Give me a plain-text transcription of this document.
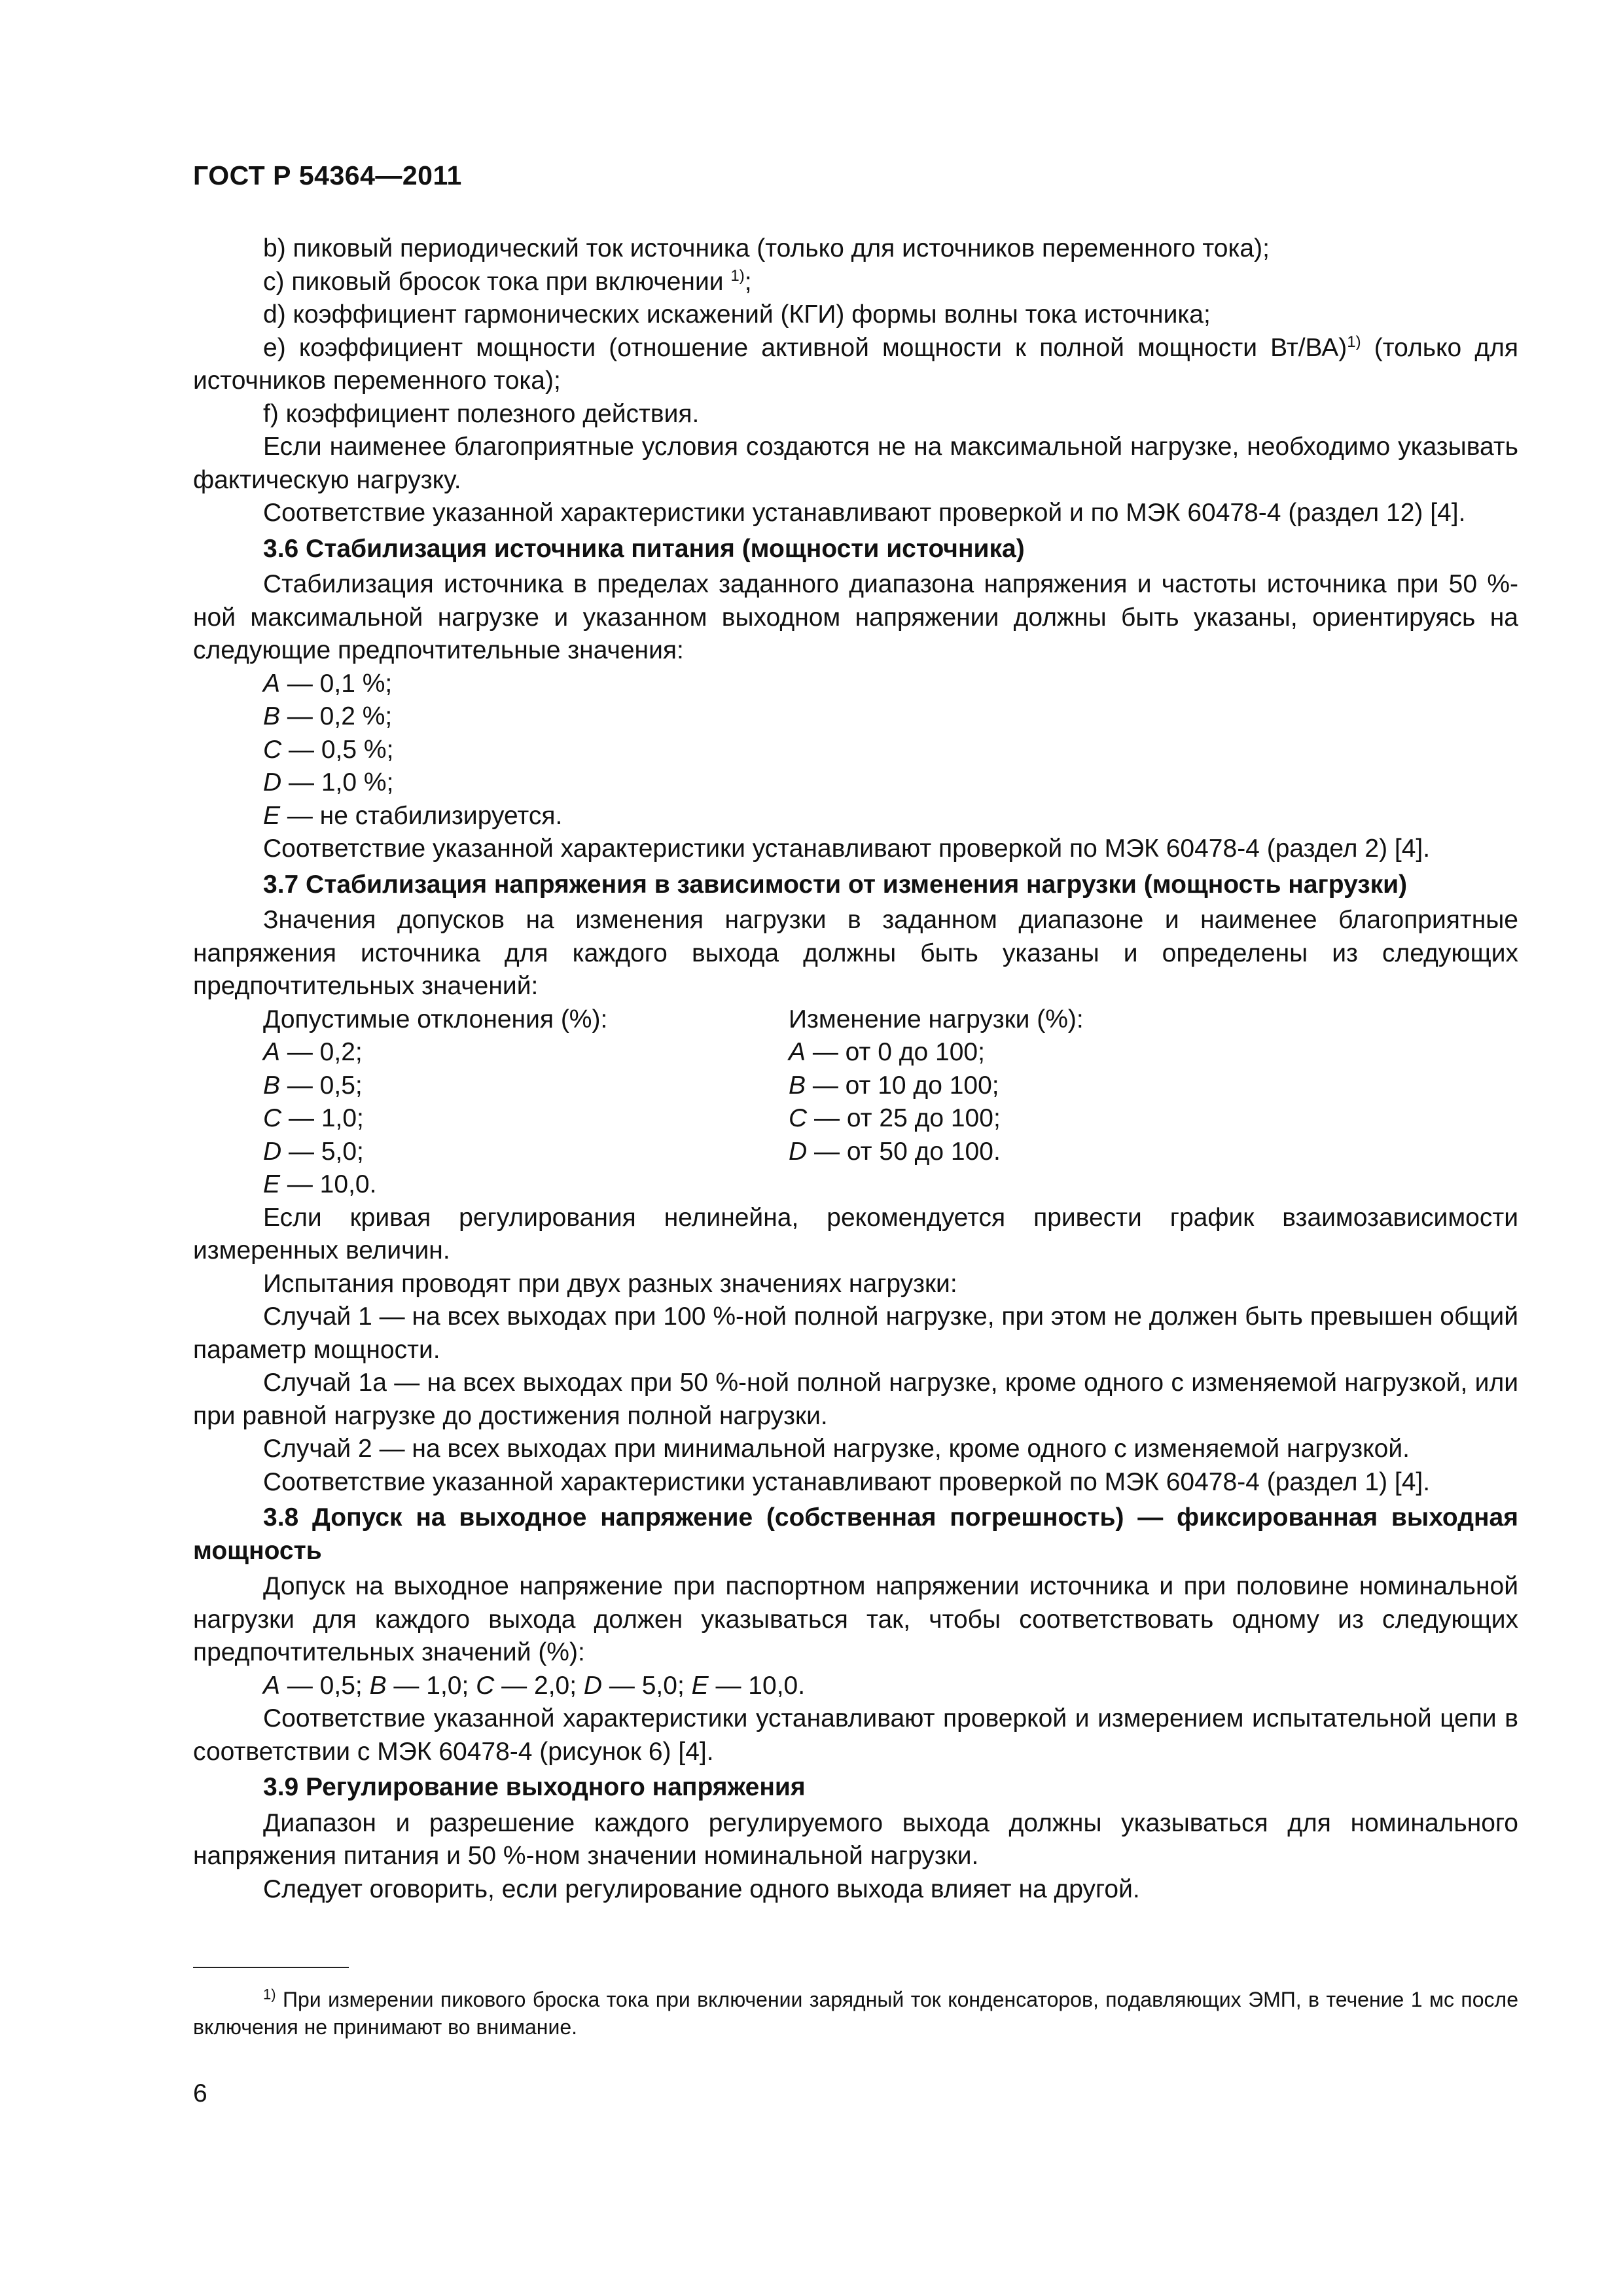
ГОСТ Р 54364—2011

b) пиковый периодический ток источника (только для источников переменного тока);

c) пиковый бросок тока при включении $^{1)}$;

d) коэффициент гармонических искажений (КГИ) формы волны тока источника;

e) коэффициент мощности (отношение активной мощности к полной мощности Вт/ВА)$^{1)}$ (только для источников переменного тока);

f) коэффициент полезного действия.

Если наименее благоприятные условия создаются не на максимальной нагрузке, необходимо указывать фактическую нагрузку.

Соответствие указанной характеристики устанавливают проверкой и по МЭК 60478-4 (раздел 12) [4].

3.6 Стабилизация источника питания (мощности источника)

Стабилизация источника в пределах заданного диапазона напряжения и частоты источника при 50 %-ной максимальной нагрузке и указанном выходном напряжении должны быть указаны, ориентируясь на следующие предпочтительные значения:

A — 0,1 %;

B — 0,2 %;

C — 0,5 %;

D — 1,0 %;

E — не стабилизируется.

Соответствие указанной характеристики устанавливают проверкой по МЭК 60478-4 (раздел 2) [4].

3.7 Стабилизация напряжения в зависимости от изменения нагрузки (мощность нагрузки)

Значения допусков на изменения нагрузки в заданном диапазоне и наименее благоприятные напряжения источника для каждого выхода должны быть указаны и определены из следующих предпочтительных значений:

Допустимые отклонения (%):
A — 0,2;
B — 0,5;
C — 1,0;
D — 5,0;
E — 10,0.
Изменение нагрузки (%):
A — от 0 до 100;
B — от 10 до 100;
C — от 25 до 100;
D — от 50 до 100.

Если кривая регулирования нелинейна, рекомендуется привести график взаимозависимости измеренных величин.

Испытания проводят при двух разных значениях нагрузки:

Случай 1 — на всех выходах при 100 %-ной полной нагрузке, при этом не должен быть превышен общий параметр мощности.

Случай 1а — на всех выходах при 50 %-ной полной нагрузке, кроме одного с изменяемой нагрузкой, или при равной нагрузке до достижения полной нагрузки.

Случай 2 — на всех выходах при минимальной нагрузке, кроме одного с изменяемой нагрузкой.

Соответствие указанной характеристики устанавливают проверкой по МЭК 60478-4 (раздел 1) [4].

3.8 Допуск на выходное напряжение (собственная погрешность) — фиксированная выходная мощность

Допуск на выходное напряжение при паспортном напряжении источника и при половине номинальной нагрузки для каждого выхода должен указываться так, чтобы соответствовать одному из следующих предпочтительных значений (%):

A — 0,5; B — 1,0; C — 2,0; D — 5,0; E — 10,0.

Соответствие указанной характеристики устанавливают проверкой и измерением испытательной цепи в соответствии с МЭК 60478-4 (рисунок 6) [4].

3.9 Регулирование выходного напряжения

Диапазон и разрешение каждого регулируемого выхода должны указываться для номинального напряжения питания и 50 %-ном значении номинальной нагрузки.

Следует оговорить, если регулирование одного выхода влияет на другой.

$^{1)}$ При измерении пикового броска тока при включении зарядный ток конденсаторов, подавляющих ЭМП, в течение 1 мс после включения не принимают во внимание.
6
